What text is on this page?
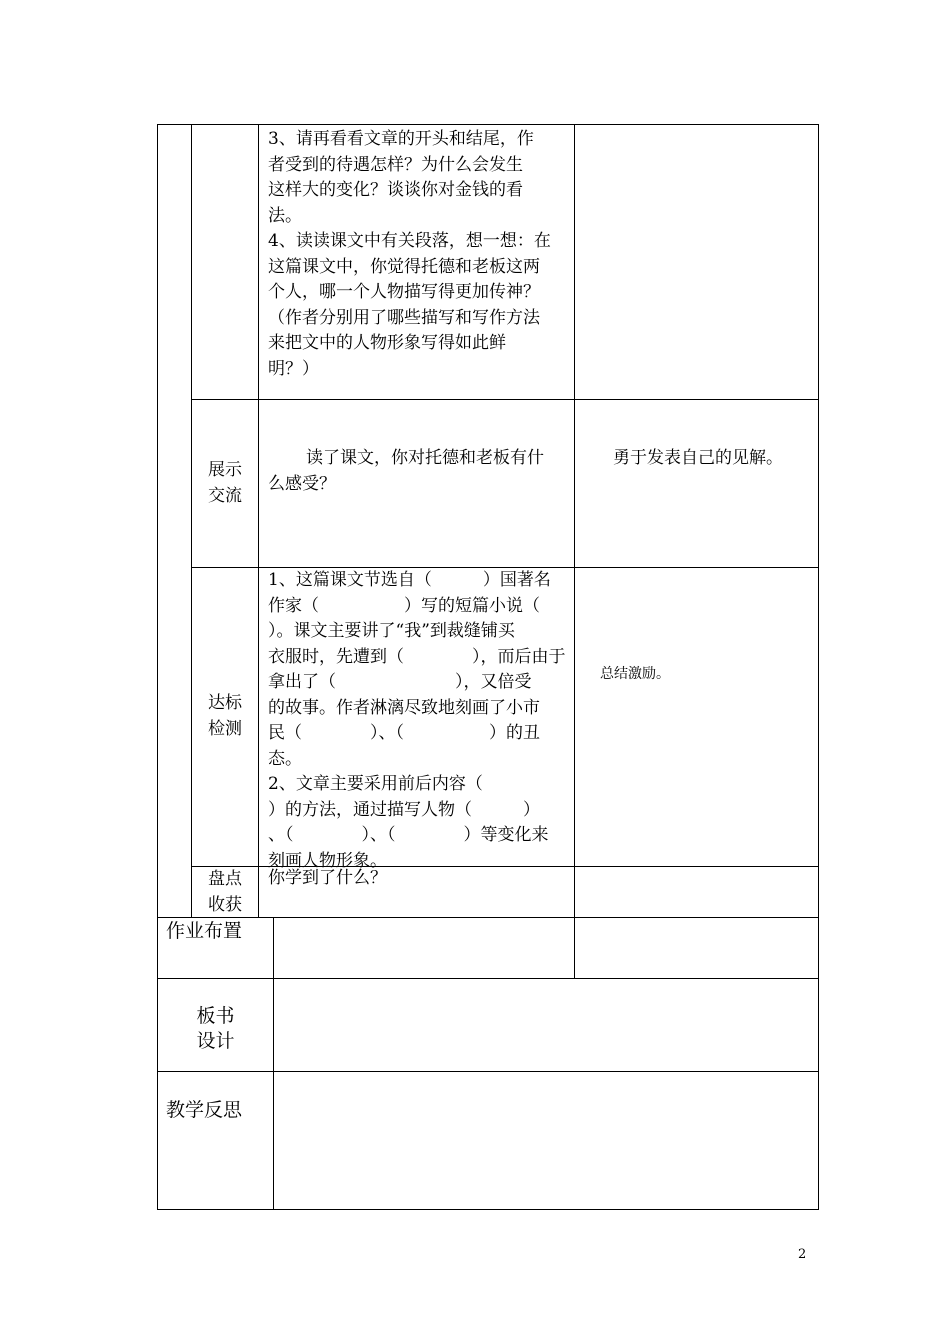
3、请再看看文章的开头和结尾，作
者受到的待遇怎样？为什么会发生
这样大的变化？谈谈你对金钱的看
法。
4、读读课文中有关段落，想一想：在
这篇课文中，你觉得托德和老板这两
个人，哪一个人物描写得更加传神？
（作者分别用了哪些描写和写作方法
来把文中的人物形象写得如此鲜
明？）
展示
交流
读了课文，你对托德和老板有什
么感受？
勇于发表自己的见解。
达标
检测
1、这篇课文节选自（　　　）国著名
作家（　　　　　）写的短篇小说（
）。课文主要讲了“我”到裁缝铺买
衣服时，先遭到（　　　　），而后由于
拿出了（　　　　　　　），又倍受
的故事。作者淋漓尽致地刻画了小市
民（　　　　）、（　　　　　）的丑
态。
2、文章主要采用前后内容（
）的方法，通过描写人物（　　　）
、（　　　　）、（　　　　）等变化来
刻画人物形象。
总结激励。
盘点
收获
你学到了什么？
作业布置
板书
设计
教学反思
2
